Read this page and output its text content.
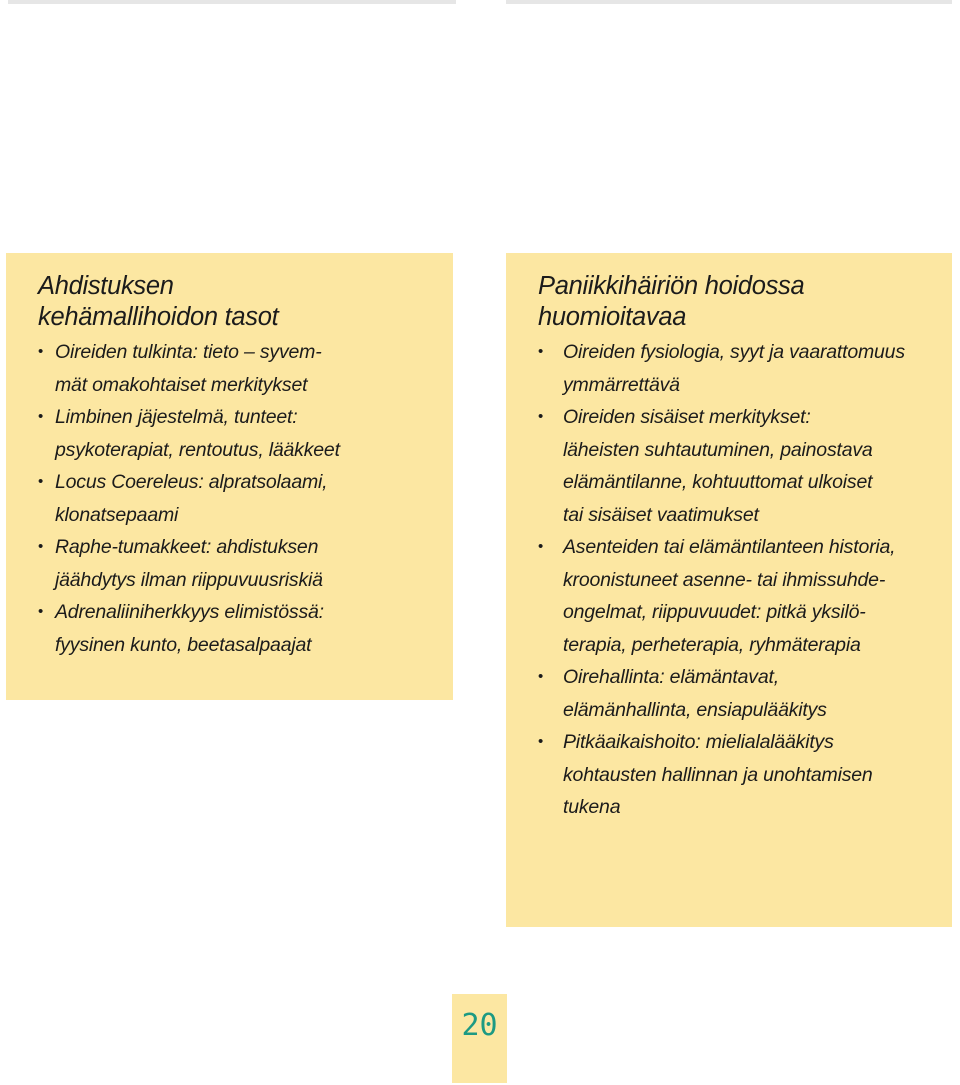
Ahdistuksen
kehämallihoidon tasot
• Oireiden tulkinta: tieto – syvem-
mät omakohtaiset merkitykset
• Limbinen jäjestelmä, tunteet:
psykoterapiat, rentoutus, lääkkeet
• Locus Coereleus: alpratsolaami,
klonatsepaami
• Raphe-tumakkeet: ahdistuksen
jäähdytys ilman riippuvuusriskiä
• Adrenaliiniherkkyys elimistössä:
fyysinen kunto, beetasalpaajat
Paniikkihäiriön hoidossa
huomioitavaa
• Oireiden fysiologia, syyt ja vaarattomuus
ymmärrettävä
• Oireiden sisäiset merkitykset:
läheisten suhtautuminen, painostava
elämäntilanne, kohtuuttomat ulkoiset
tai sisäiset vaatimukset
• Asenteiden tai elämäntilanteen historia,
kroonistuneet asenne- tai ihmissuhde-
ongelmat, riippuvuudet: pitkä yksilö-
terapia, perheterapia, ryhmäterapia
• Oirehallinta: elämäntavat,
elämänhallinta, ensiapulääkitys
• Pitkäaikaishoito: mielialalääkitys
kohtausten hallinnan ja unohtamisen
tukena
20
